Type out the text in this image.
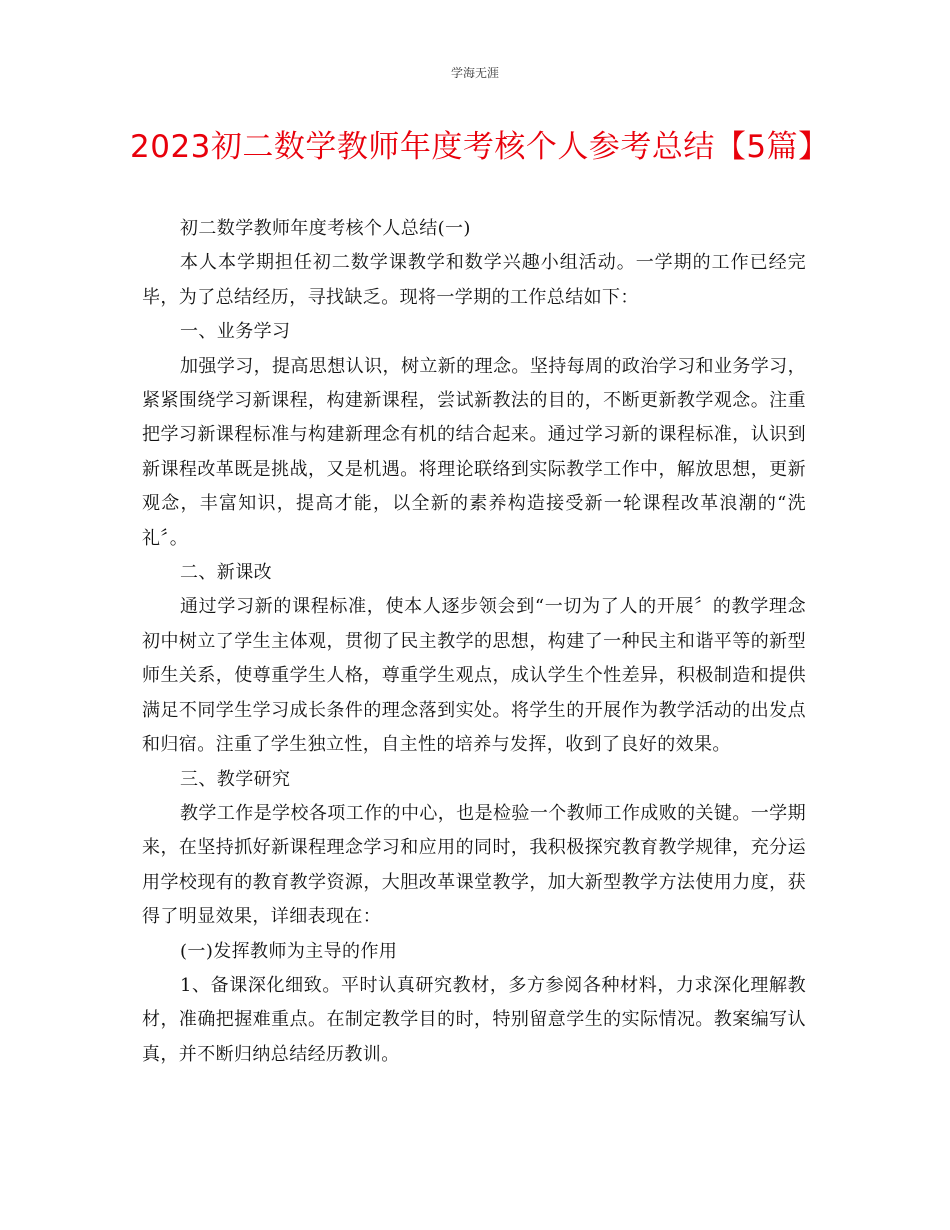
学海无涯
2023初二数学教师年度考核个人参考总结【5篇】

初二数学教师年度考核个人总结(一)

本人本学期担任初二数学课教学和数学兴趣小组活动。一学期的工作已经完毕，为了总结经历，寻找缺乏。现将一学期的工作总结如下：

一、业务学习

加强学习，提高思想认识，树立新的理念。坚持每周的政治学习和业务学习，紧紧围绕学习新课程，构建新课程，尝试新教法的目的，不断更新教学观念。注重把学习新课程标准与构建新理念有机的结合起来。通过学习新的课程标准，认识到新课程改革既是挑战，又是机遇。将理论联络到实际教学工作中，解放思想，更新观念，丰富知识，提高才能，以全新的素养构造接受新一轮课程改革浪潮的“洗礼〞。

二、新课改

通过学习新的课程标准，使本人逐步领会到“一切为了人的开展〞的教学理念初中树立了学生主体观，贯彻了民主教学的思想，构建了一种民主和谐平等的新型师生关系，使尊重学生人格，尊重学生观点，成认学生个性差异，积极制造和提供满足不同学生学习成长条件的理念落到实处。将学生的开展作为教学活动的出发点和归宿。注重了学生独立性，自主性的培养与发挥，收到了良好的效果。

三、教学研究

教学工作是学校各项工作的中心，也是检验一个教师工作成败的关键。一学期来，在坚持抓好新课程理念学习和应用的同时，我积极探究教育教学规律，充分运用学校现有的教育教学资源，大胆改革课堂教学，加大新型教学方法使用力度，获得了明显效果，详细表现在：

(一)发挥教师为主导的作用

1、备课深化细致。平时认真研究教材，多方参阅各种材料，力求深化理解教材，准确把握难重点。在制定教学目的时，特别留意学生的实际情况。教案编写认真，并不断归纳总结经历教训。
